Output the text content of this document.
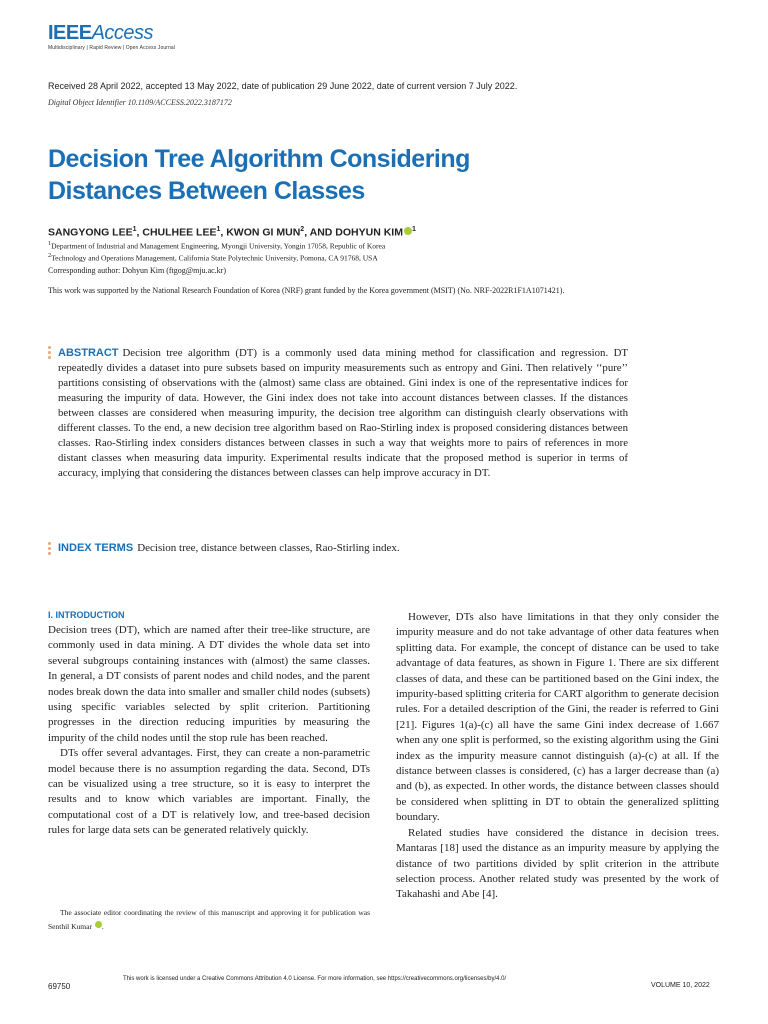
IEEEAccess
Multidisciplinary | Rapid Review | Open Access Journal
Received 28 April 2022, accepted 13 May 2022, date of publication 29 June 2022, date of current version 7 July 2022.
Digital Object Identifier 10.1109/ACCESS.2022.3187172
Decision Tree Algorithm Considering
Distances Between Classes
SANGYONG LEE$^1$, CHULHEE LEE$^1$, KWON GI MUN$^2$, AND DOHYUN KIM $^1$
$^1$Department of Industrial and Management Engineering, Myongji University, Yongin 17058, Republic of Korea
$^2$Technology and Operations Management, California State Polytechnic University, Pomona, CA 91768, USA
Corresponding author: Dohyun Kim (ftgog@mju.ac.kr)
This work was supported by the National Research Foundation of Korea (NRF) grant funded by the Korea government (MSIT) (No. NRF-2022R1F1A1071421).
ABSTRACT Decision tree algorithm (DT) is a commonly used data mining method for classification and regression. DT repeatedly divides a dataset into pure subsets based on impurity measurements such as entropy and Gini. Then relatively ‘‘pure’’ partitions consisting of observations with the (almost) same class are obtained. Gini index is one of the representative indices for measuring the impurity of data. However, the Gini index does not take into account distances between classes. If the distances between classes are considered when measuring impurity, the decision tree algorithm can distinguish clearly observations with different classes. To the end, a new decision tree algorithm based on Rao-Stirling index is proposed considering distances between classes. Rao-Stirling index considers distances between classes in such a way that weights more to pairs of references in more distant classes when measuring data impurity. Experimental results indicate that the proposed method is superior in terms of accuracy, implying that considering the distances between classes can help improve accuracy in DT.
INDEX TERMS Decision tree, distance between classes, Rao-Stirling index.
I. INTRODUCTION

Decision trees (DT), which are named after their tree-like structure, are commonly used in data mining. A DT divides the whole data set into several subgroups containing instances with (almost) the same classes. In general, a DT consists of parent nodes and child nodes, and the parent nodes break down the data into smaller and smaller child nodes (subsets) using specific variables selected by split criterion. Partitioning progresses in the direction reducing impurities by measuring the impurity of the child nodes until the stop rule has been reached.

DTs offer several advantages. First, they can create a non-parametric model because there is no assumption regarding the data. Second, DTs can be visualized using a tree structure, so it is easy to interpret the results and to know which variables are important. Finally, the computational cost of a DT is relatively low, and tree-based decision rules for large data sets can be generated relatively quickly.

However, DTs also have limitations in that they only consider the impurity measure and do not take advantage of other data features when splitting data. For example, the concept of distance can be used to take advantage of data features, as shown in Figure 1. There are six different classes of data, and these can be partitioned based on the Gini index, the impurity-based splitting criteria for CART algorithm to generate decision rules. For a detailed description of the Gini, the reader is referred to Gini [21]. Figures 1(a)-(c) all have the same Gini index decrease of 1.667 when any one split is performed, so the existing algorithm using the Gini index as the impurity measure cannot distinguish (a)-(c) at all. If the distance between classes is considered, (c) has a larger decrease than (a) and (b), as expected. In other words, the distance between classes should be considered when splitting in DT to obtain the generalized splitting boundary.

Related studies have considered the distance in decision trees. Mantaras [18] used the distance as an impurity measure by applying the distance of two partitions divided by split criterion in the attribute selection process. Another related study was presented by the work of Takahashi and Abe [4].

The associate editor coordinating the review of this manuscript and approving it for publication was Senthil Kumar .
69750
This work is licensed under a Creative Commons Attribution 4.0 License. For more information, see https://creativecommons.org/licenses/by/4.0/
VOLUME 10, 2022
